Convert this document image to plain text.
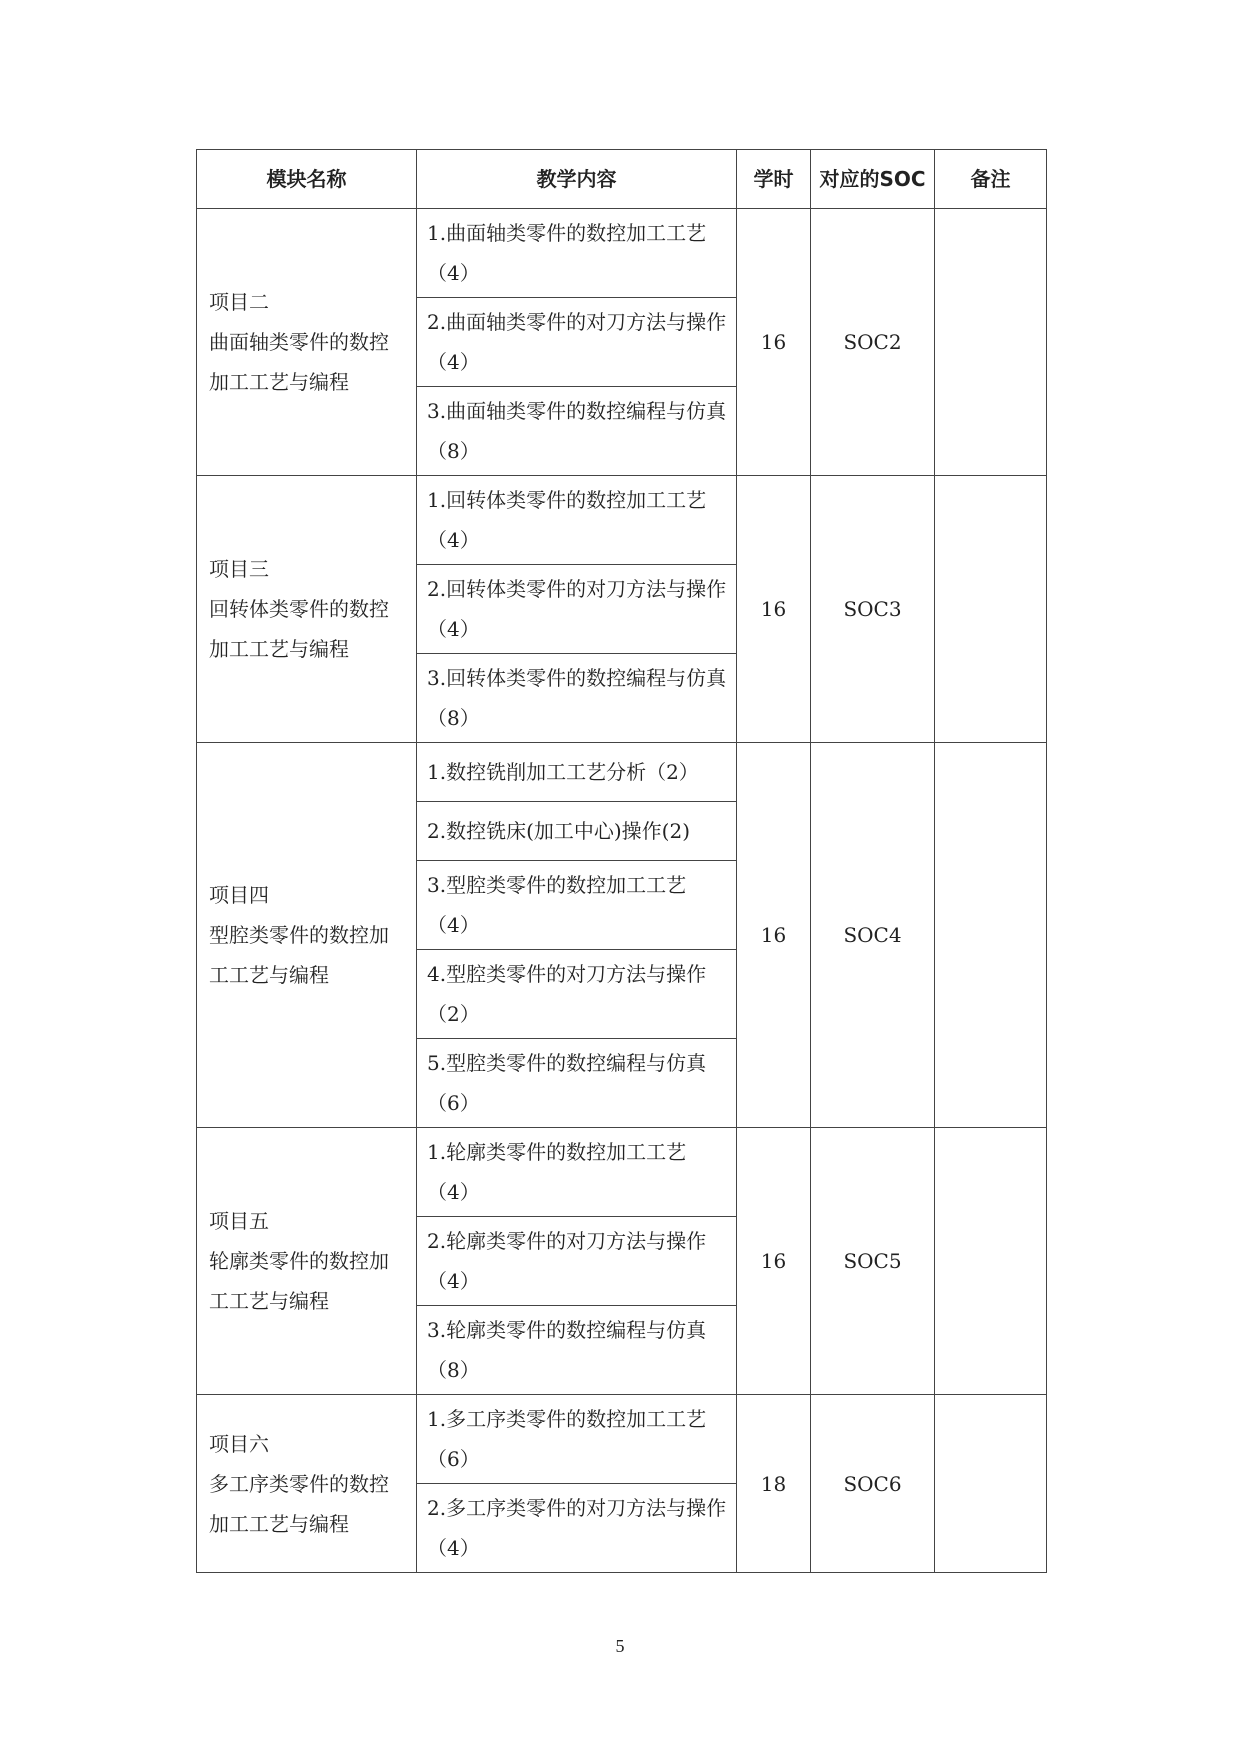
模块名称	教学内容	学时	对应的SOC	备注

项目二
曲面轴类零件的数控加工工艺与编程	1.曲面轴类零件的数控加工工艺（4）	16	SOC2	
	2.曲面轴类零件的对刀方法与操作（4）			
	3.曲面轴类零件的数控编程与仿真（8）			

项目三
回转体类零件的数控加工工艺与编程	1.回转体类零件的数控加工工艺（4）	16	SOC3	
	2.回转体类零件的对刀方法与操作（4）			
	3.回转体类零件的数控编程与仿真（8）			

项目四
型腔类零件的数控加工工艺与编程	1.数控铣削加工工艺分析（2）	16	SOC4	
	2.数控铣床(加工中心)操作(2)			
	3.型腔类零件的数控加工工艺（4）			
	4.型腔类零件的对刀方法与操作（2）			
	5.型腔类零件的数控编程与仿真（6）			

项目五
轮廓类零件的数控加工工艺与编程	1.轮廓类零件的数控加工工艺（4）	16	SOC5	
	2.轮廓类零件的对刀方法与操作（4）			
	3.轮廓类零件的数控编程与仿真（8）			

项目六
多工序类零件的数控加工工艺与编程	1.多工序类零件的数控加工工艺（6）	18	SOC6	
	2.多工序类零件的对刀方法与操作（4）			
5
